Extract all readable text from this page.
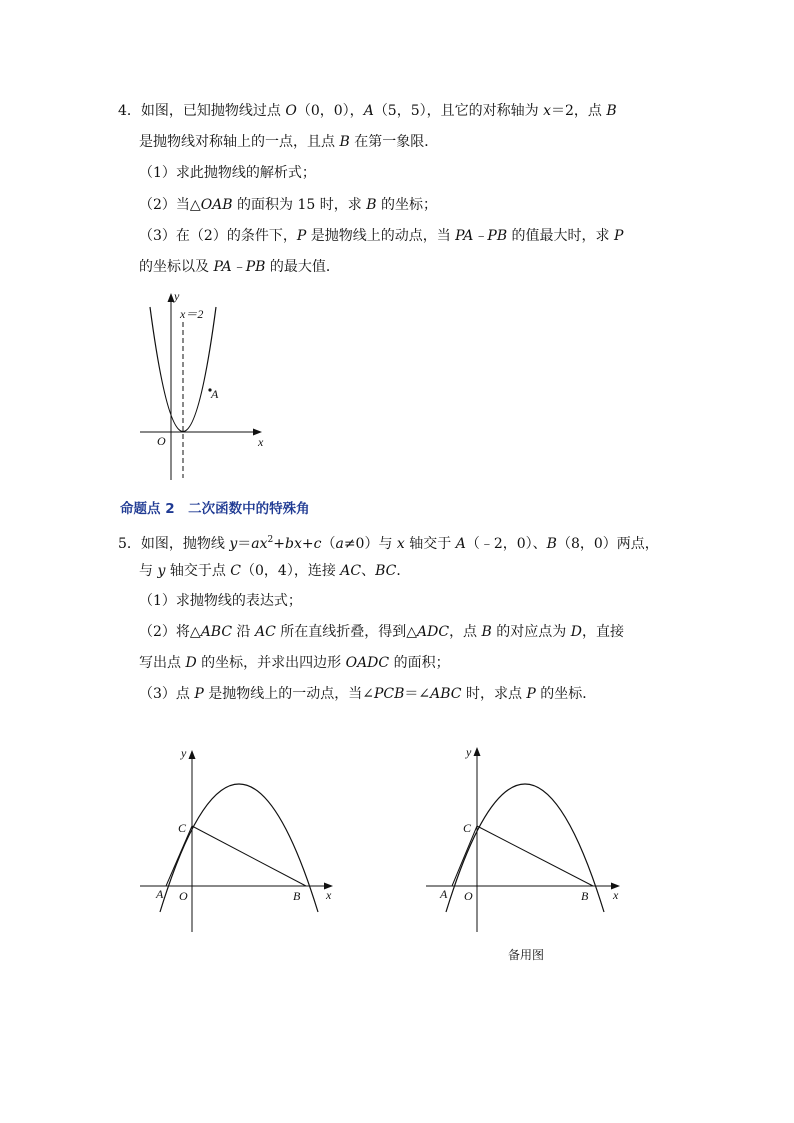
4．如图，已知抛物线过点 O（0，0），A（5，5），且它的对称轴为 x＝2，点 B
是抛物线对称轴上的一点，且点 B 在第一象限．
（1）求此抛物线的解析式；
（2）当△OAB 的面积为 15 时，求 B 的坐标；
（3）在（2）的条件下，P 是抛物线上的动点，当 PA﹣PB 的值最大时，求 P
的坐标以及 PA﹣PB 的最大值．
y
x
O
A
x＝2
命题点 2　二次函数中的特殊角
5．如图，抛物线 $y=ax^2+bx+c(a\ne 0)$与 x 轴交于 A（﹣2，0）、B（8，0）两点，
与 y 轴交于点 C（0，4），连接 AC、BC．
（1）求抛物线的表达式；
（2）将△ABC 沿 AC 所在直线折叠，得到△ADC，点 B 的对应点为 D，直接
写出点 D 的坐标，并求出四边形 OADC 的面积；
（3）点 P 是抛物线上的一动点，当∠PCB＝∠ABC 时，求点 P 的坐标．
y
x
O
A	B
C
y
x
O
A	B
C
备用图
